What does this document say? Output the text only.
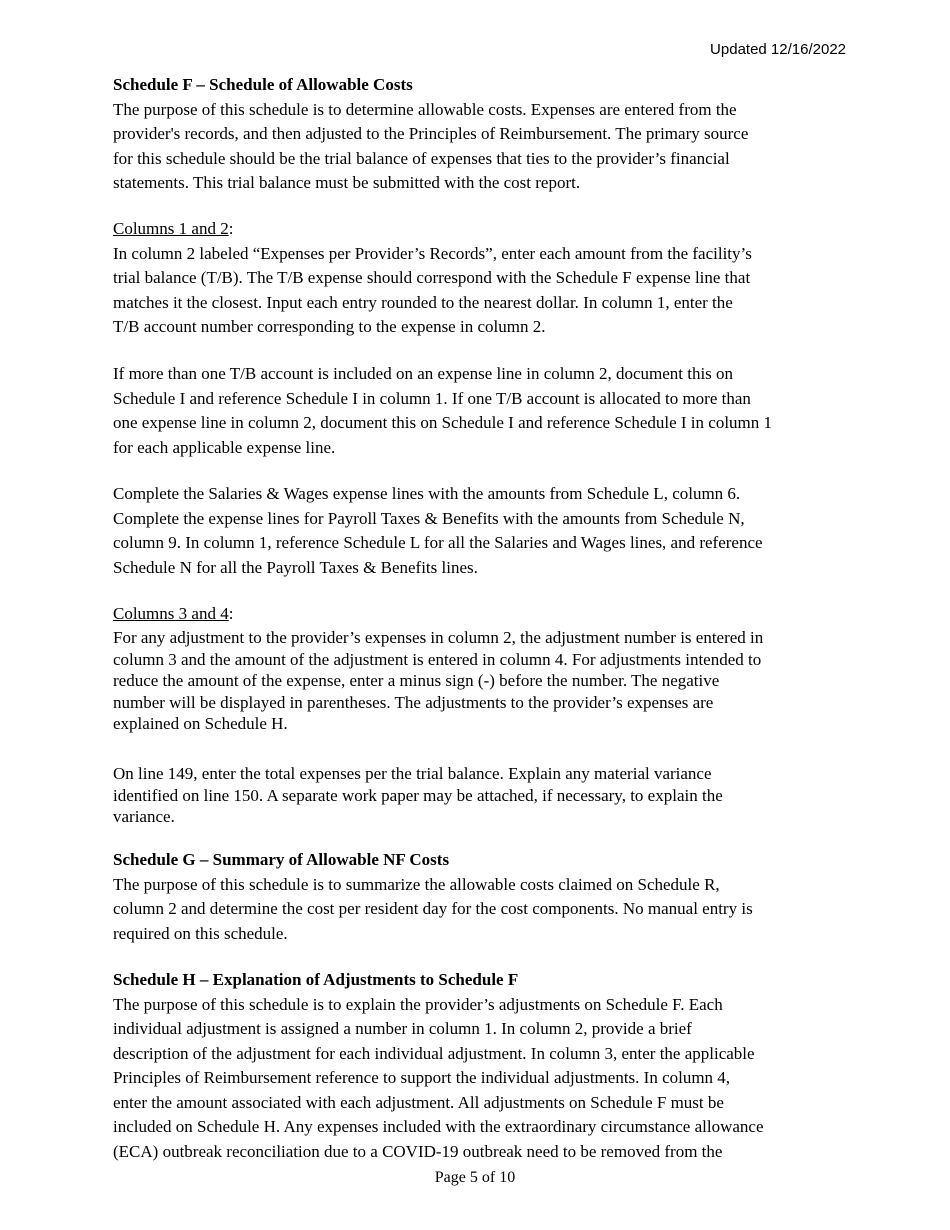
Updated 12/16/2022
Schedule F – Schedule of Allowable Costs
The purpose of this schedule is to determine allowable costs. Expenses are entered from the
provider's records, and then adjusted to the Principles of Reimbursement. The primary source
for this schedule should be the trial balance of expenses that ties to the provider’s financial
statements. This trial balance must be submitted with the cost report.
Columns 1 and 2:
In column 2 labeled “Expenses per Provider’s Records”, enter each amount from the facility’s
trial balance (T/B). The T/B expense should correspond with the Schedule F expense line that
matches it the closest. Input each entry rounded to the nearest dollar. In column 1, enter the
T/B account number corresponding to the expense in column 2.
If more than one T/B account is included on an expense line in column 2, document this on
Schedule I and reference Schedule I in column 1. If one T/B account is allocated to more than
one expense line in column 2, document this on Schedule I and reference Schedule I in column 1
for each applicable expense line.
Complete the Salaries & Wages expense lines with the amounts from Schedule L, column 6.
Complete the expense lines for Payroll Taxes & Benefits with the amounts from Schedule N,
column 9. In column 1, reference Schedule L for all the Salaries and Wages lines, and reference
Schedule N for all the Payroll Taxes & Benefits lines.
Columns 3 and 4:
For any adjustment to the provider’s expenses in column 2, the adjustment number is entered in
column 3 and the amount of the adjustment is entered in column 4. For adjustments intended to
reduce the amount of the expense, enter a minus sign (-) before the number. The negative
number will be displayed in parentheses. The adjustments to the provider’s expenses are
explained on Schedule H.
On line 149, enter the total expenses per the trial balance. Explain any material variance
identified on line 150. A separate work paper may be attached, if necessary, to explain the
variance.
Schedule G – Summary of Allowable NF Costs
The purpose of this schedule is to summarize the allowable costs claimed on Schedule R,
column 2 and determine the cost per resident day for the cost components. No manual entry is
required on this schedule.
Schedule H – Explanation of Adjustments to Schedule F
The purpose of this schedule is to explain the provider’s adjustments on Schedule F. Each
individual adjustment is assigned a number in column 1. In column 2, provide a brief
description of the adjustment for each individual adjustment. In column 3, enter the applicable
Principles of Reimbursement reference to support the individual adjustments. In column 4,
enter the amount associated with each adjustment. All adjustments on Schedule F must be
included on Schedule H. Any expenses included with the extraordinary circumstance allowance
(ECA) outbreak reconciliation due to a COVID-19 outbreak need to be removed from the
Page 5 of 10
